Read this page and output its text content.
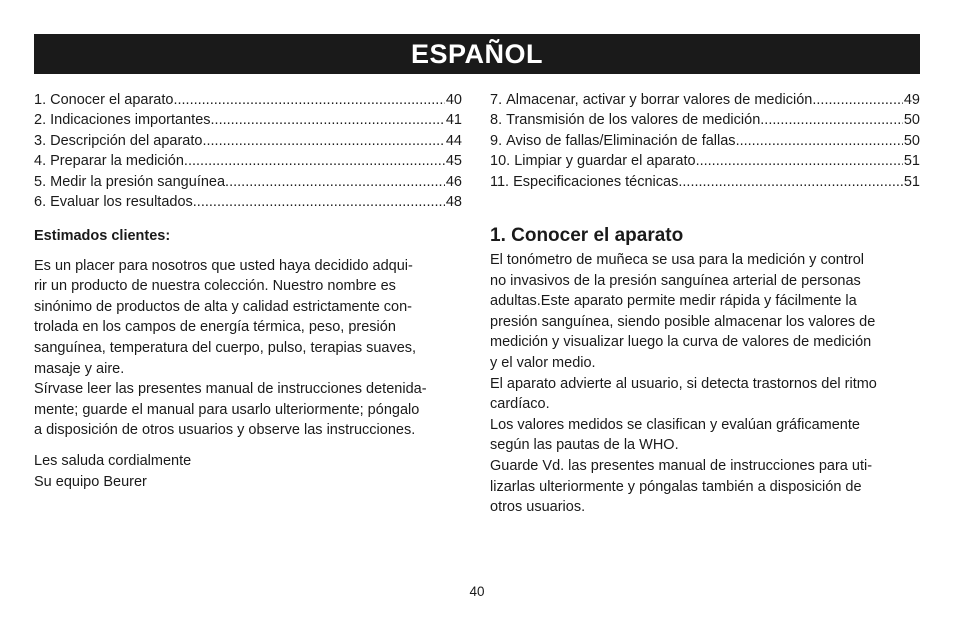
ESPAÑOL
1. Conocer el aparato .....	40
2. Indicaciones importantes .....	41
3. Descripción del aparato .....	44
4. Preparar la medición .....	45
5. Medir la presión sanguínea .....	46
6. Evaluar los resultados .....	48
7. Almacenar, activar y borrar valores de medición .....	49
8. Transmisión de los valores de medición .....	50
9. Aviso de fallas/Eliminación de fallas .....	50
10. Limpiar y guardar el aparato .....	51
11. Especificaciones técnicas .....	51
Estimados clientes:
Es un placer para nosotros que usted haya decidido adqui-
rir un producto de nuestra colección. Nuestro nombre es
sinónimo de productos de alta y calidad estrictamente con-
trolada en los campos de energía térmica, peso, presión
sanguínea, temperatura del cuerpo, pulso, terapias suaves,
masaje y aire.
Sírvase leer las presentes manual de instrucciones detenida-
mente; guarde el manual para usarlo ulteriormente; póngalo
a disposición de otros usuarios y observe las instrucciones.
Les saluda cordialmente
Su equipo Beurer
1. Conocer el aparato
El tonómetro de muñeca se usa para la medición y control
no invasivos de la presión sanguínea arterial de personas
adultas.Este aparato permite medir rápida y fácilmente la
presión sanguínea, siendo posible almacenar los valores de
medición y visualizar luego la curva de valores de medición
y el valor medio.
El aparato advierte al usuario, si detecta trastornos del ritmo
cardíaco.
Los valores medidos se clasifican y evalúan gráficamente
según las pautas de la WHO.
Guarde Vd. las presentes manual de instrucciones para uti-
lizarlas ulteriormente y póngalas también a disposición de
otros usuarios.
40
